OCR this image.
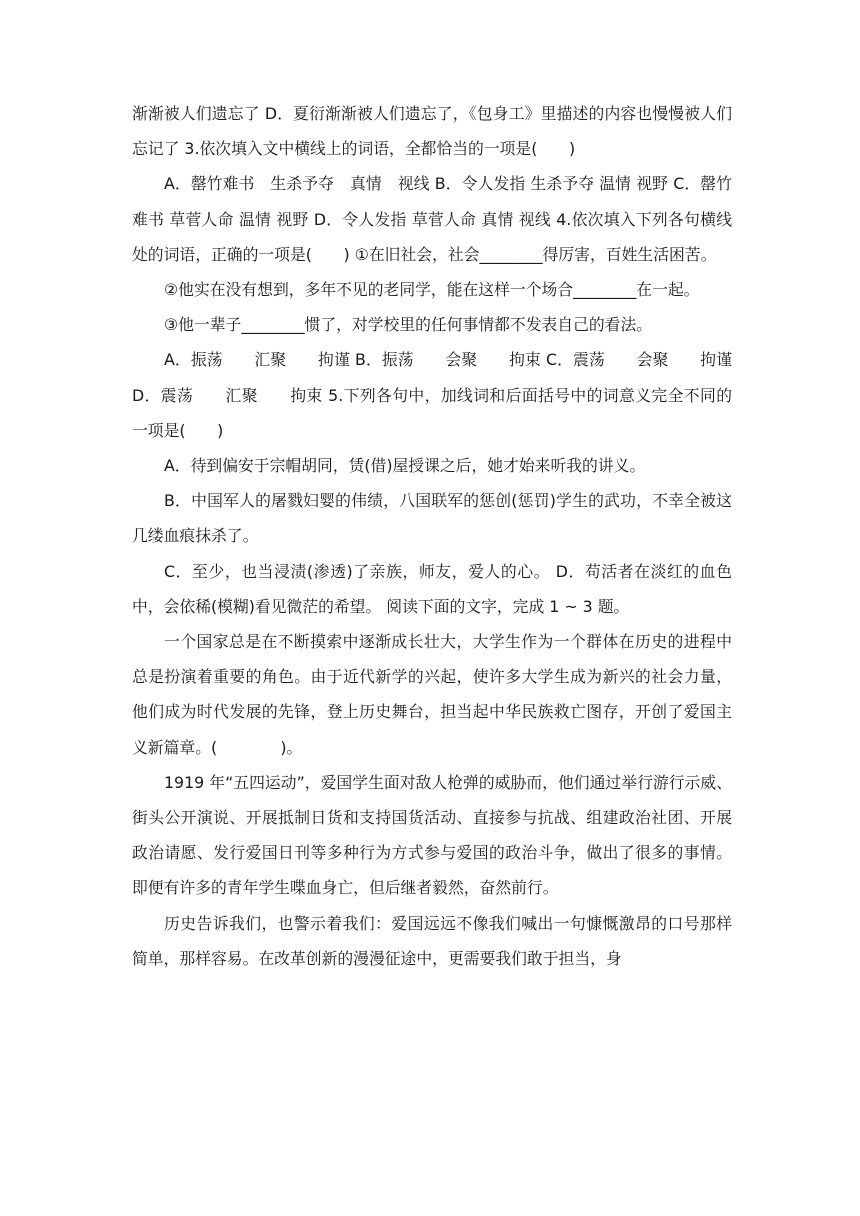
渐渐被人们遗忘了 D．夏衍渐渐被人们遗忘了，《包身工》里描述的内容也慢慢被人们忘记了 3.依次填入文中横线上的词语，全都恰当的一项是(　　)

A．罄竹难书　生杀予夺　真情　视线 B．令人发指 生杀予夺 温情 视野 C．罄竹难书 草菅人命 温情 视野 D．令人发指 草菅人命 真情 视线 4.依次填入下列各句横线处的词语，正确的一项是(　　) ①在旧社会，社会________得厉害，百姓生活困苦。

②他实在没有想到，多年不见的老同学，能在这样一个场合________在一起。

③他一辈子________惯了，对学校里的任何事情都不发表自己的看法。

A．振荡　　汇聚　　拘谨 B．振荡　　会聚　　拘束 C．震荡　　会聚　　拘谨 D．震荡　　汇聚　　拘束 5.下列各句中，加线词和后面括号中的词意义完全不同的一项是(　　)

A．待到偏安于宗帽胡同，赁(借)屋授课之后，她才始来听我的讲义。

B．中国军人的屠戮妇婴的伟绩，八国联军的惩创(惩罚)学生的武功，不幸全被这几缕血痕抹杀了。

C．至少，也当浸渍(渗透)了亲族，师友，爱人的心。 D．苟活者在淡红的血色中，会依稀(模糊)看见微茫的希望。 阅读下面的文字，完成 1 ~ 3 题。

一个国家总是在不断摸索中逐渐成长壮大，大学生作为一个群体在历史的进程中总是扮演着重要的角色。由于近代新学的兴起，使许多大学生成为新兴的社会力量，他们成为时代发展的先锋，登上历史舞台，担当起中华民族救亡图存，开创了爱国主义新篇章。(　　　　)。

1919 年“五四运动”，爱国学生面对敌人枪弹的威胁而，他们通过举行游行示威、街头公开演说、开展抵制日货和支持国货活动、直接参与抗战、组建政治社团、开展政治请愿、发行爱国日刊等多种行为方式参与爱国的政治斗争，做出了很多的事情。即便有许多的青年学生喋血身亡，但后继者毅然，奋然前行。

历史告诉我们，也警示着我们：爱国远远不像我们喊出一句慷慨激昂的口号那样简单，那样容易。在改革创新的漫漫征途中，更需要我们敢于担当，身
